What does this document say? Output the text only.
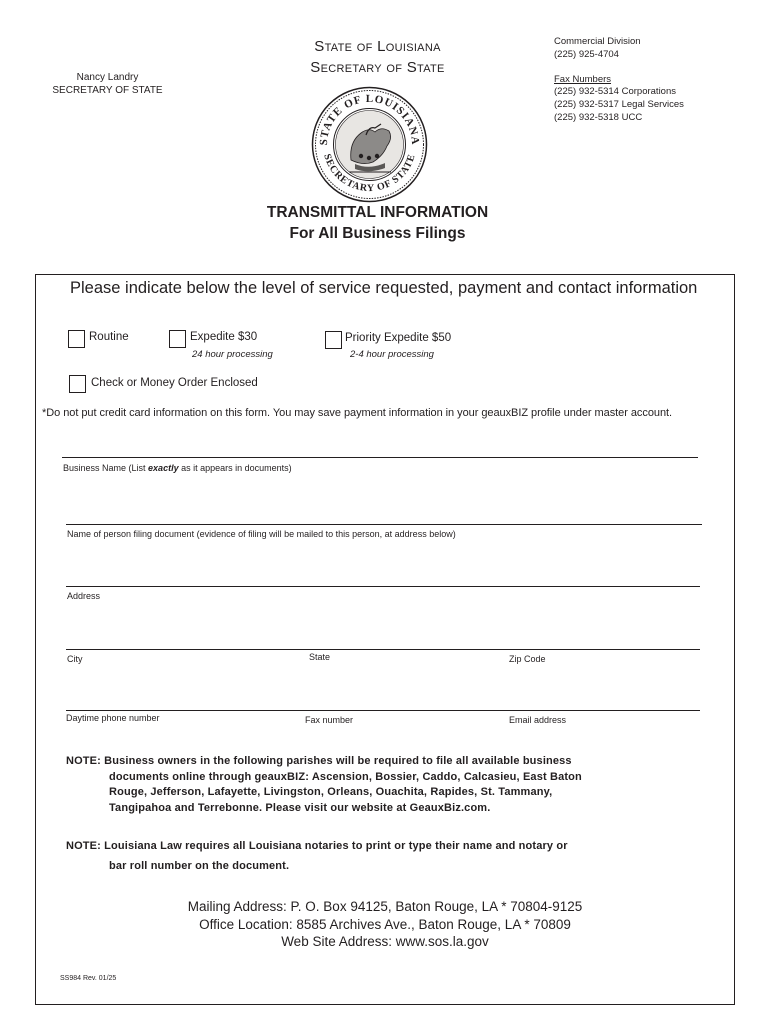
Nancy Landry
SECRETARY OF STATE
State of Louisiana
Secretary of State
STATE OF LOUISIANA
SECRETARY OF STATE
Commercial Division
(225) 925-4704
Fax Numbers
(225) 932-5314 Corporations
(225) 932-5317 Legal Services
(225) 932-5318 UCC
TRANSMITTAL INFORMATION
For All Business Filings
Please indicate below the level of service requested, payment and contact information
Routine	Expedite $30
24 hour processing
Priority Expedite $50
2-4 hour processing
Check or Money Order Enclosed
*Do not put credit card information on this form. You may save payment information in your geauxBIZ profile under master account.
Business Name (List exactly as it appears in documents)
Name of person filing document (evidence of filing will be mailed to this person, at address below)
Address
City	State	Zip Code
Daytime phone number	Fax number	Email address
NOTE: Business owners in the following parishes will be required to file all available business
documents online through geauxBIZ: Ascension, Bossier, Caddo, Calcasieu, East Baton
Rouge, Jefferson, Lafayette, Livingston, Orleans, Ouachita, Rapides, St. Tammany,
Tangipahoa and Terrebonne. Please visit our website at GeauxBiz.com.
NOTE: Louisiana Law requires all Louisiana notaries to print or type their name and notary or
bar roll number on the document.
Mailing Address: P. O. Box 94125, Baton Rouge, LA * 70804-9125
Office Location: 8585 Archives Ave., Baton Rouge, LA * 70809
Web Site Address: www.sos.la.gov
SS984 Rev. 01/25
